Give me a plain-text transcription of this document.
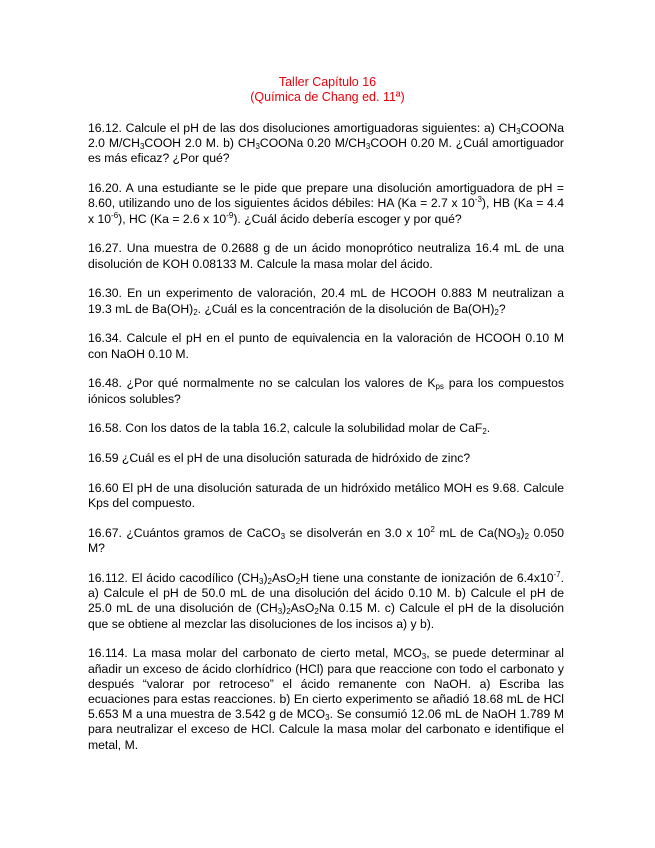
Taller Capítulo 16
(Química de Chang ed. 11ª)

16.12. Calcule el pH de las dos disoluciones amortiguadoras siguientes: a) $CH_3COONa$ 2.0 $M/CH_3COOH$ 2.0 M. b) $CH_3COONa$ 0.20 $M/CH_3COOH$ 0.20 M. ¿Cuál amortiguador es más eficaz? ¿Por qué?

16.20. A una estudiante se le pide que prepare una disolución amortiguadora de pH = 8.60, utilizando uno de los siguientes ácidos débiles: HA (Ka = 2.7 x $10^{-3}$), HB (Ka = 4.4 x $10^{-6}$), HC (Ka = 2.6 x $10^{-9}$). ¿Cuál ácido debería escoger y por qué?

16.27. Una muestra de 0.2688 g de un ácido monoprótico neutraliza 16.4 mL de una disolución de KOH 0.08133 M. Calcule la masa molar del ácido.

16.30. En un experimento de valoración, 20.4 mL de HCOOH 0.883 M neutralizan a 19.3 mL de $Ba(OH)_2$. ¿Cuál es la concentración de la disolución de $Ba(OH)_2$?

16.34. Calcule el pH en el punto de equivalencia en la valoración de HCOOH 0.10 M con NaOH 0.10 M.

16.48. ¿Por qué normalmente no se calculan los valores de $K_{ps}$ para los compuestos iónicos solubles?

16.58. Con los datos de la tabla 16.2, calcule la solubilidad molar de CaF$_2$.

16.59 ¿Cuál es el pH de una disolución saturada de hidróxido de zinc?

16.60 El pH de una disolución saturada de un hidróxido metálico MOH es 9.68. Calcule Kps del compuesto.

16.67. ¿Cuántos gramos de CaCO$_3$ se disolverán en 3.0 x $10^2$ mL de $Ca(NO_3)_2$ 0.050 M?

16.112. El ácido cacodílico $(CH_3)_2AsO_2H$ tiene una constante de ionización de $6.4x10^{-7}$. a) Calcule el pH de 50.0 mL de una disolución del ácido 0.10 M. b) Calcule el pH de 25.0 mL de una disolución de $(CH_3)_2AsO_2Na$ 0.15 M. c) Calcule el pH de la disolución que se obtiene al mezclar las disoluciones de los incisos a) y b).

16.114. La masa molar del carbonato de cierto metal, $MCO_3$, se puede determinar al añadir un exceso de ácido clorhídrico (HCl) para que reaccione con todo el carbonato y después “valorar por retroceso” el ácido remanente con NaOH. a) Escriba las ecuaciones para estas reacciones. b) En cierto experimento se añadió 18.68 mL de HCl 5.653 M a una muestra de 3.542 g de $MCO_3$. Se consumió 12.06 mL de NaOH 1.789 M para neutralizar el exceso de HCl. Calcule la masa molar del carbonato e identifique el metal, M.
